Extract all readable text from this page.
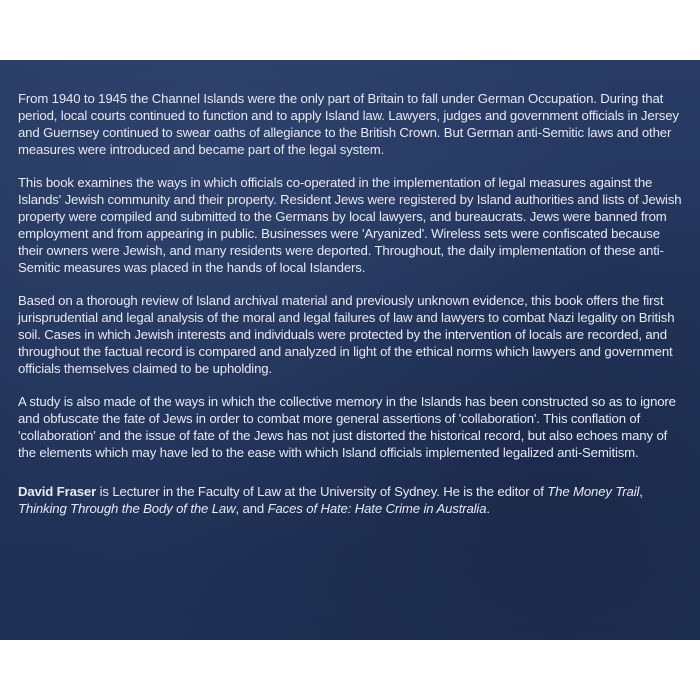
From 1940 to 1945 the Channel Islands were the only part of Britain to fall under German Occupation. During that period, local courts continued to function and to apply Island law. Lawyers, judges and government officials in Jersey and Guernsey continued to swear oaths of allegiance to the British Crown. But German anti-Semitic laws and other measures were introduced and became part of the legal system.

This book examines the ways in which officials co-operated in the implementation of legal measures against the Islands' Jewish community and their property. Resident Jews were registered by Island authorities and lists of Jewish property were compiled and submitted to the Germans by local lawyers, and bureaucrats. Jews were banned from employment and from appearing in public. Businesses were 'Aryanized'. Wireless sets were confiscated because their owners were Jewish, and many residents were deported. Throughout, the daily implementation of these anti-Semitic measures was placed in the hands of local Islanders.

Based on a thorough review of Island archival material and previously unknown evidence, this book offers the first jurisprudential and legal analysis of the moral and legal failures of law and lawyers to combat Nazi legality on British soil. Cases in which Jewish interests and individuals were protected by the intervention of locals are recorded, and throughout the factual record is compared and analyzed in light of the ethical norms which lawyers and government officials themselves claimed to be upholding.

A study is also made of the ways in which the collective memory in the Islands has been constructed so as to ignore and obfuscate the fate of Jews in order to combat more general assertions of 'collaboration'. This conflation of 'collaboration' and the issue of fate of the Jews has not just distorted the historical record, but also echoes many of the elements which may have led to the ease with which Island officials implemented legalized anti-Semitism.

David Fraser is Lecturer in the Faculty of Law at the University of Sydney. He is the editor of The Money Trail, Thinking Through the Body of the Law, and Faces of Hate: Hate Crime in Australia.
